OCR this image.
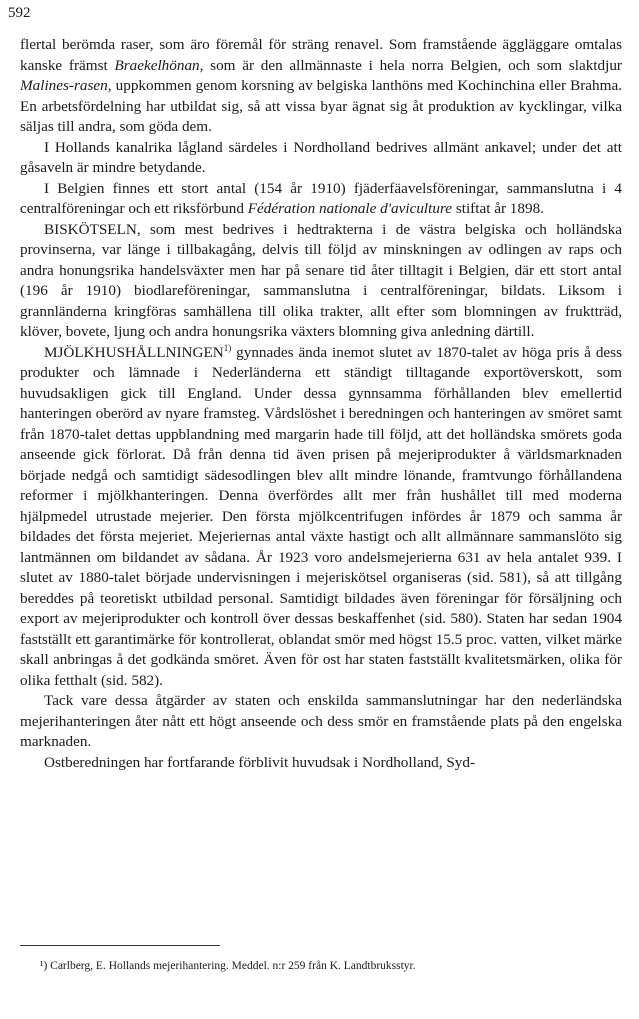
592

flertal berömda raser, som äro föremål för sträng renavel. Som framstående äggläggare omtalas kanske främst Braekelhönan, som är den allmännaste i hela norra Belgien, och som slaktdjur Malines-rasen, uppkommen genom korsning av belgiska lanthöns med Kochinchina eller Brahma. En arbetsfördelning har utbildat sig, så att vissa byar ägnat sig åt produktion av kycklingar, vilka säljas till andra, som göda dem.

I Hollands kanalrika lågland särdeles i Nordholland bedrives allmänt ankavel; under det att gåsaveln är mindre betydande.

I Belgien finnes ett stort antal (154 år 1910) fjäderfäavelsföreningar, sammanslutna i 4 centralföreningar och ett riksförbund Fédération nationale d'aviculture stiftat år 1898.

BISKÖTSELN, som mest bedrives i hedtrakterna i de västra belgiska och holländska provinserna, var länge i tillbakagång, delvis till följd av minskningen av odlingen av raps och andra honungsrika handelsväxter men har på senare tid åter tilltagit i Belgien, där ett stort antal (196 år 1910) biodlareföreningar, sammanslutna i centralföreningar, bildats. Liksom i grannländerna kringföras samhällena till olika trakter, allt efter som blomningen av fruktträd, klöver, bovete, ljung och andra honungsrika växters blomning giva anledning därtill.

MJÖLKHUSHÅLLNINGEN$^{1)}$ gynnades ända inemot slutet av 1870-talet av höga pris å dess produkter och lämnade i Nederländerna ett ständigt tilltagande exportöverskott, som huvudsakligen gick till England. Under dessa gynnsamma förhållanden blev emellertid hanteringen oberörd av nyare framsteg. Vårdslöshet i beredningen och hanteringen av smöret samt från 1870-talet dettas uppblandning med margarin hade till följd, att det holländska smörets goda anseende gick förlorat. Då från denna tid även prisen på mejeriprodukter å världsmarknaden började nedgå och samtidigt sädesodlingen blev allt mindre lönande, framtvungo förhållandena reformer i mjölkhanteringen. Denna överfördes allt mer från hushållet till med moderna hjälpmedel utrustade mejerier. Den första mjölkcentrifugen infördes år 1879 och samma år bildades det första mejeriet. Mejeriernas antal växte hastigt och allt allmännare sammanslöto sig lantmännen om bildandet av sådana. År 1923 voro andelsmejerierna 631 av hela antalet 939. I slutet av 1880-talet började undervisningen i mejeriskötsel organiseras (sid. 581), så att tillgång bereddes på teoretiskt utbildad personal. Samtidigt bildades även föreningar för försäljning och export av mejeriprodukter och kontroll över dessas beskaffenhet (sid. 580). Staten har sedan 1904 fastställt ett garantimärke för kontrollerat, oblandat smör med högst 15.5 proc. vatten, vilket märke skall anbringas å det godkända smöret. Även för ost har staten fastställt kvalitetsmärken, olika för olika fetthalt (sid. 582).

Tack vare dessa åtgärder av staten och enskilda sammanslutningar har den nederländska mejerihanteringen åter nått ett högt anseende och dess smör en framstående plats på den engelska marknaden.

Ostberedningen har fortfarande förblivit huvudsak i Nordholland, Syd-

¹) Carlberg, E. Hollands mejerihantering. Meddel. n:r 259 från K. Landtbruksstyr.
